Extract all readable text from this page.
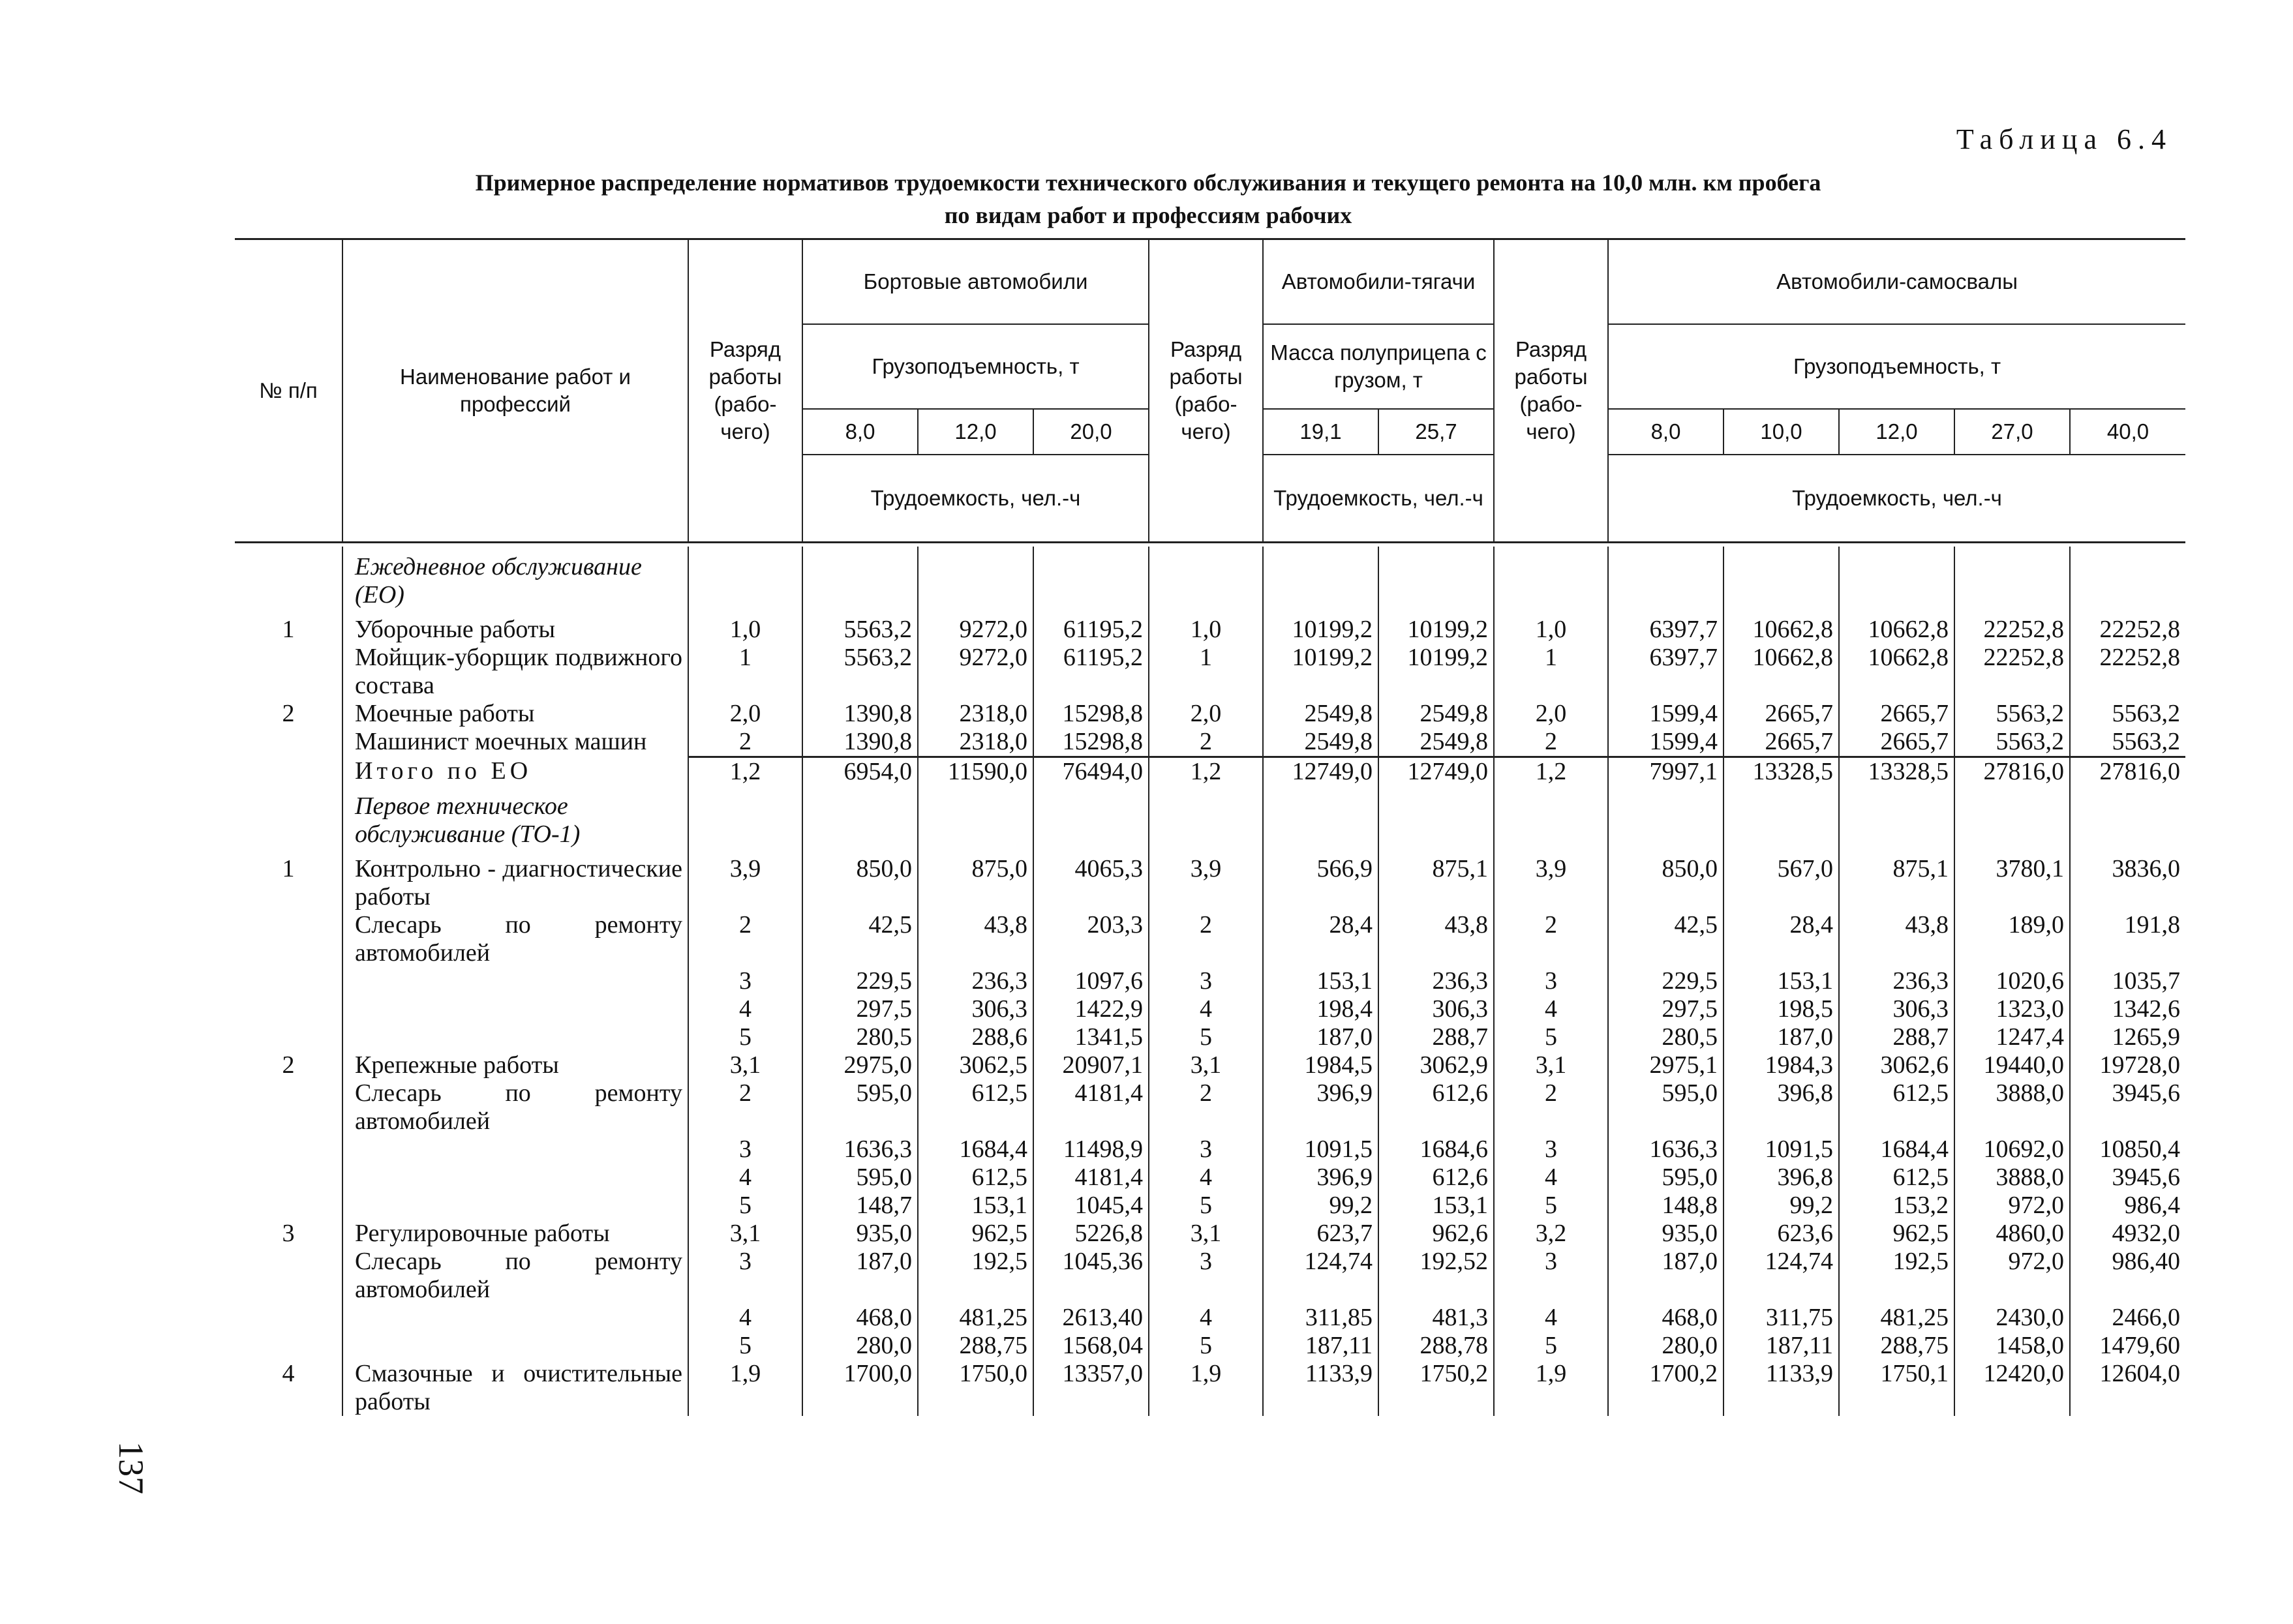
Таблица 6.4
Примерное распределение нормативов трудоемкости технического обслуживания и текущего ремонта на 10,0 млн. км пробега
по видам работ и профессиям рабочих
137
№ п/п	Наименование работ и профессий	Разряд работы (рабо-чего)	Бортовые автомобили			Разряд работы (рабо-чего)	Автомобили-тягачи		Разряд работы (рабо-чего)	Автомобили-самосвалы				
			Грузоподъемность, т				Масса полуприцепа с грузом, т			Грузоподъемность, т				
			8,0	12,0	20,0		19,1	25,7		8,0	10,0	12,0	27,0	40,0
			Трудоемкость, чел.-ч				Трудоемкость, чел.-ч			Трудоемкость, чел.-ч				
	Ежедневное обслуживание (ЕО)													
1	Уборочные работы	1,0	5563,2	9272,0	61195,2	1,0	10199,2	10199,2	1,0	6397,7	10662,8	10662,8	22252,8	22252,8
	Мойщик-уборщик подвижного состава	1	5563,2	9272,0	61195,2	1	10199,2	10199,2	1	6397,7	10662,8	10662,8	22252,8	22252,8
2	Моечные работы	2,0	1390,8	2318,0	15298,8	2,0	2549,8	2549,8	2,0	1599,4	2665,7	2665,7	5563,2	5563,2
	Машинист моечных машин	2	1390,8	2318,0	15298,8	2	2549,8	2549,8	2	1599,4	2665,7	2665,7	5563,2	5563,2
	Итого по ЕО	1,2	6954,0	11590,0	76494,0	1,2	12749,0	12749,0	1,2	7997,1	13328,5	13328,5	27816,0	27816,0
	Первое техническое обслуживание (ТО-1)													
1	Контрольно - диагностические работы	3,9	850,0	875,0	4065,3	3,9	566,9	875,1	3,9	850,0	567,0	875,1	3780,1	3836,0
	Слесарь по ремонту автомобилей	2	42,5	43,8	203,3	2	28,4	43,8	2	42,5	28,4	43,8	189,0	191,8
		3	229,5	236,3	1097,6	3	153,1	236,3	3	229,5	153,1	236,3	1020,6	1035,7
		4	297,5	306,3	1422,9	4	198,4	306,3	4	297,5	198,5	306,3	1323,0	1342,6
		5	280,5	288,6	1341,5	5	187,0	288,7	5	280,5	187,0	288,7	1247,4	1265,9
2	Крепежные работы	3,1	2975,0	3062,5	20907,1	3,1	1984,5	3062,9	3,1	2975,1	1984,3	3062,6	19440,0	19728,0
	Слесарь по ремонту автомобилей	2	595,0	612,5	4181,4	2	396,9	612,6	2	595,0	396,8	612,5	3888,0	3945,6
		3	1636,3	1684,4	11498,9	3	1091,5	1684,6	3	1636,3	1091,5	1684,4	10692,0	10850,4
		4	595,0	612,5	4181,4	4	396,9	612,6	4	595,0	396,8	612,5	3888,0	3945,6
		5	148,7	153,1	1045,4	5	99,2	153,1	5	148,8	99,2	153,2	972,0	986,4
3	Регулировочные работы	3,1	935,0	962,5	5226,8	3,1	623,7	962,6	3,2	935,0	623,6	962,5	4860,0	4932,0
	Слесарь по ремонту автомобилей	3	187,0	192,5	1045,36	3	124,74	192,52	3	187,0	124,74	192,5	972,0	986,40
		4	468,0	481,25	2613,40	4	311,85	481,3	4	468,0	311,75	481,25	2430,0	2466,0
		5	280,0	288,75	1568,04	5	187,11	288,78	5	280,0	187,11	288,75	1458,0	1479,60
4	Смазочные и очистительные работы	1,9	1700,0	1750,0	13357,0	1,9	1133,9	1750,2	1,9	1700,2	1133,9	1750,1	12420,0	12604,0
